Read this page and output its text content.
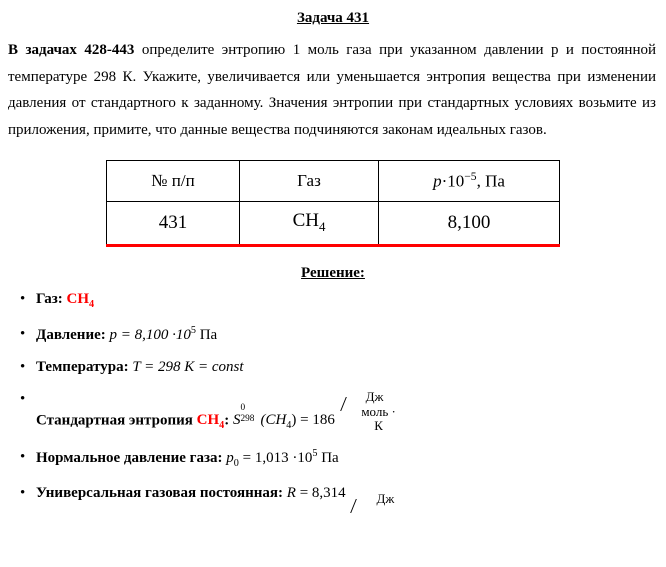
Задача 431
В задачах 428-443 определите энтропию 1 моль газа при указанном давлении р и постоянной температуре 298 К. Укажите, увеличивается или уменьшается энтропия вещества при изменении давления от стандартного к заданному. Значения энтропии при стандартных условиях возьмите из приложения, примите, что данные вещества подчиняются законам идеальных газов.
№ п/п	Газ	$p\cdot 10^{-5}$, Па
431	$CH_4$	8,100
Решение:
• Газ: $CH_4$
• Давление: $p = 8,100 \cdot 10^5$ Па
• Температура: T = 298 K = const
• Стандартная энтропия $CH_4$: S
0
298 $(CH_4) = 186$
Дж
моль · К
• Нормальное давление газа: $p_0 = 1,013 \cdot 10^5$ Па
• Универсальная газовая постоянная: R = 8,314	Дж
